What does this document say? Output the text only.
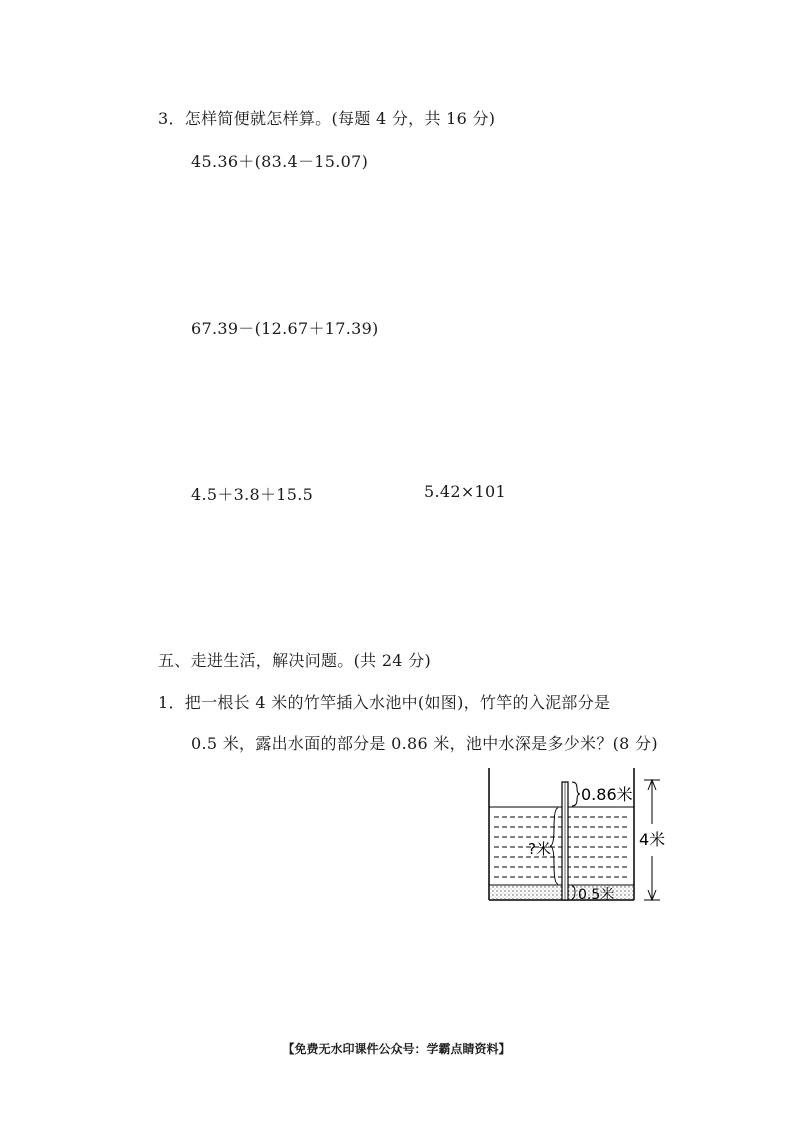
3．怎样简便就怎样算。(每题 4 分，共 16 分)
45.36＋(83.4－15.07)
67.39－(12.67＋17.39)
4.5＋3.8＋15.5	5.42×101
五、走进生活，解决问题。(共 24 分)
1．把一根长 4 米的竹竿插入水池中(如图)，竹竿的入泥部分是
0.5 米，露出水面的部分是 0.86 米，池中水深是多少米？(8 分)
0.86米
?米
0.5米
4米
【免费无水印课件公众号：学霸点睛资料】
